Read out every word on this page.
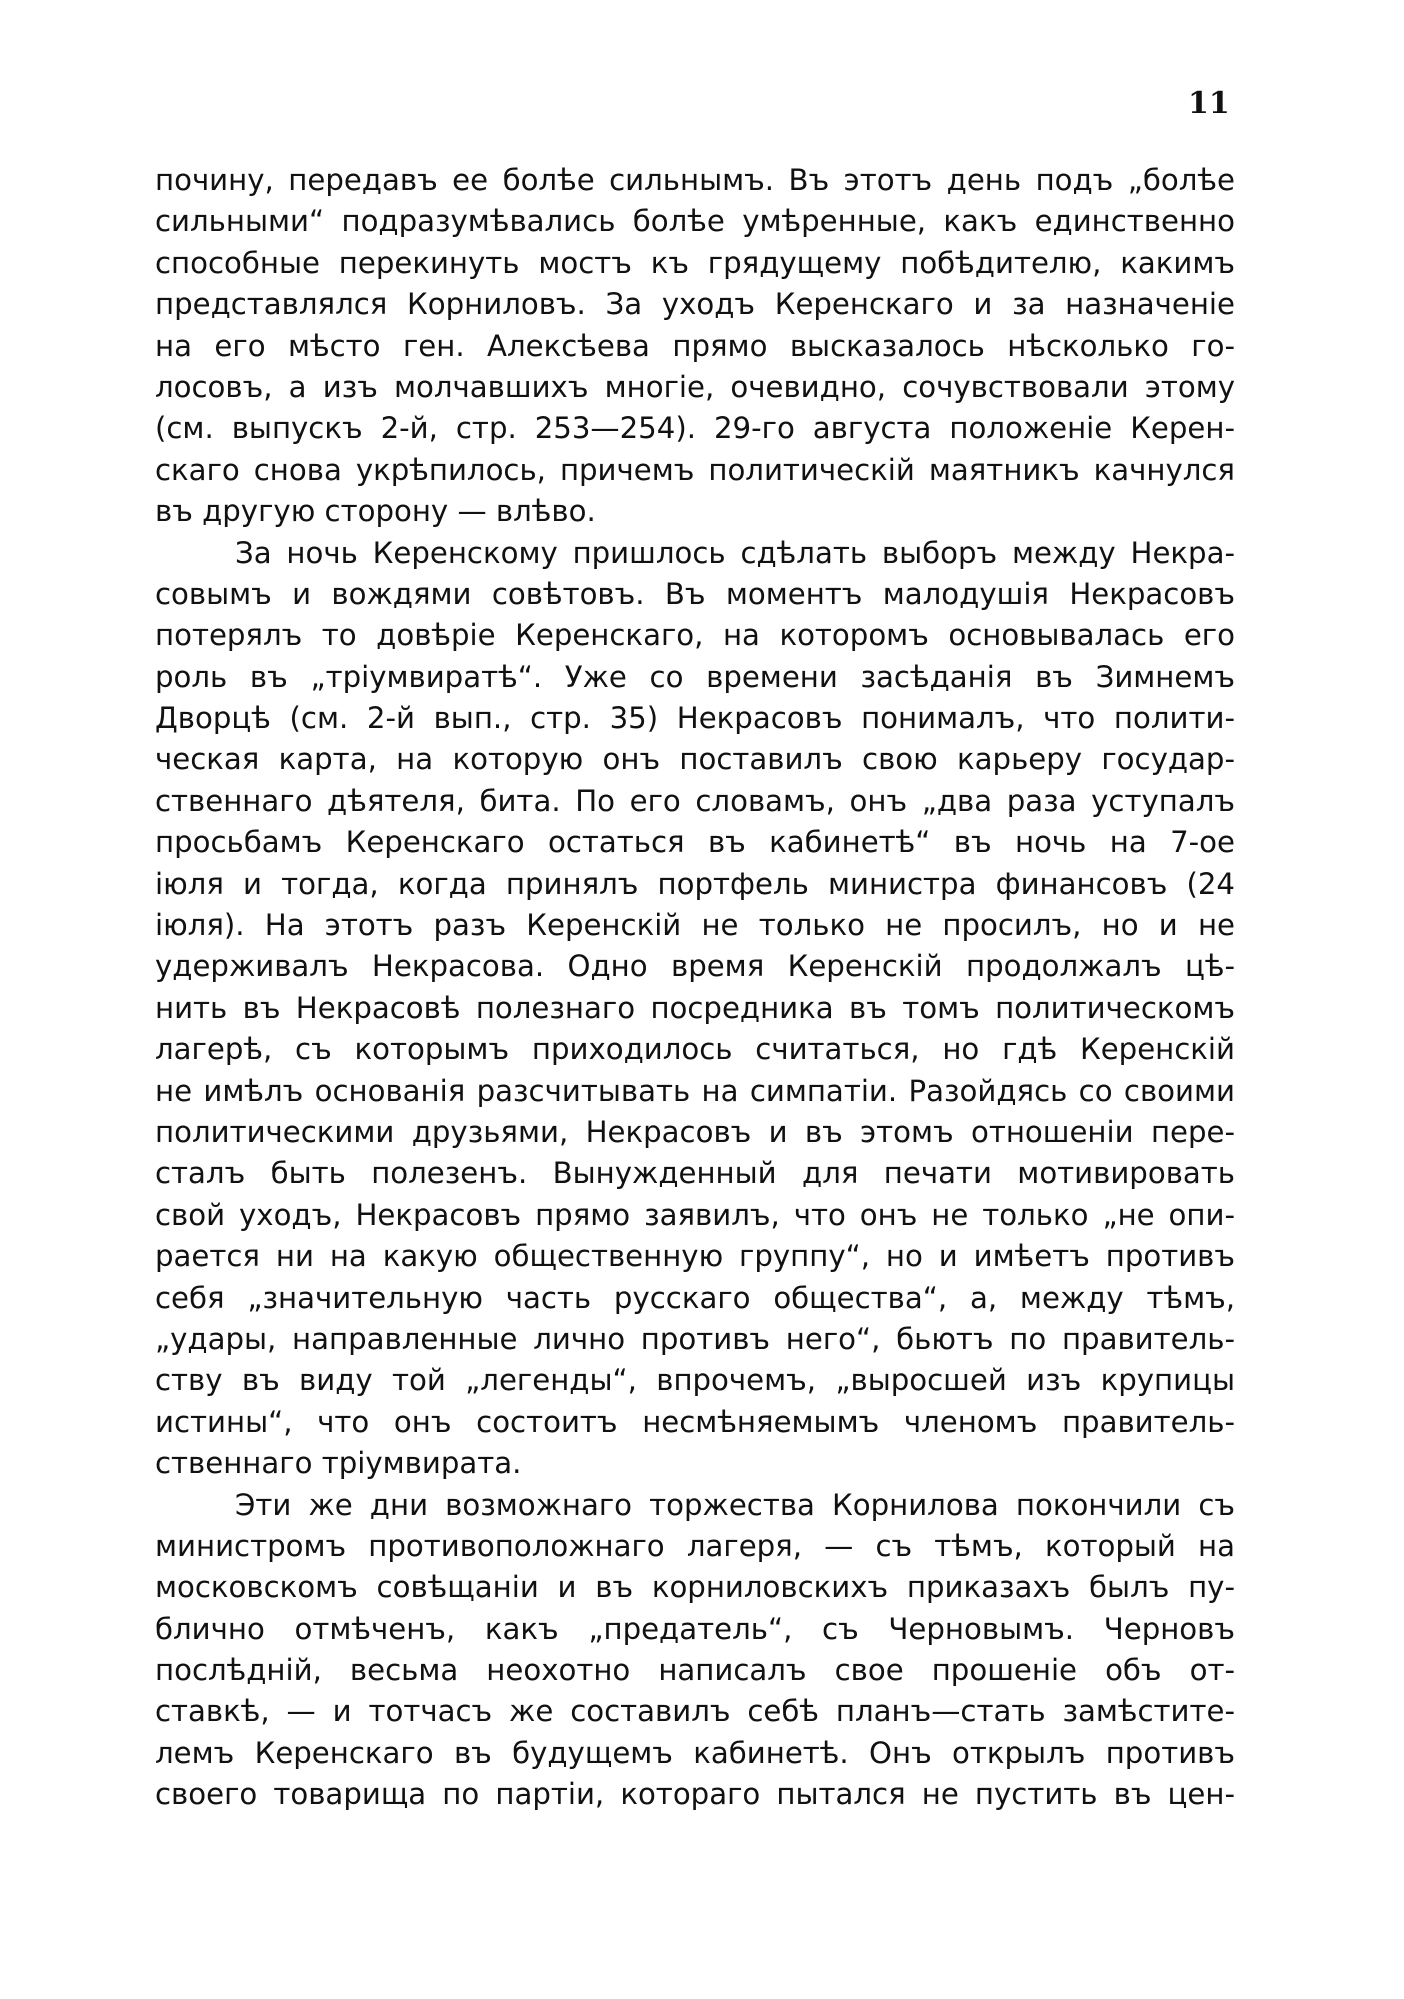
11
почину, передавъ ее болѣе сильнымъ. Въ этотъ день подъ „болѣе
сильными“ подразумѣвались болѣе умѣренные, какъ единственно
способные перекинуть мостъ къ грядущему побѣдителю, какимъ
представлялся Корниловъ. За уходъ Керенскаго и за назначеніе
на его мѣсто ген. Алексѣева прямо высказалось нѣсколько го-
лосовъ, а изъ молчавшихъ многіе, очевидно, сочувствовали этому
(см. выпускъ 2-й, стр. 253—254). 29-го августа положеніе Керен-
скаго снова укрѣпилось, причемъ политическій маятникъ качнулся
въ другую сторону — влѣво.
За ночь Керенскому пришлось сдѣлать выборъ между Некра-
совымъ и вождями совѣтовъ. Въ моментъ малодушія Некрасовъ
потерялъ то довѣріе Керенскаго, на которомъ основывалась его
роль въ „тріумвиратѣ“. Уже со времени засѣданія въ Зимнемъ
Дворцѣ (см. 2-й вып., стр. 35) Некрасовъ понималъ, что полити-
ческая карта, на которую онъ поставилъ свою карьеру государ-
ственнаго дѣятеля, бита. По его словамъ, онъ „два раза уступалъ
просьбамъ Керенскаго остаться въ кабинетѣ“ въ ночь на 7-ое
іюля и тогда, когда принялъ портфель министра финансовъ (24
іюля). На этотъ разъ Керенскій не только не просилъ, но и не
удерживалъ Некрасова. Одно время Керенскій продолжалъ цѣ-
нить въ Некрасовѣ полезнаго посредника въ томъ политическомъ
лагерѣ, съ которымъ приходилось считаться, но гдѣ Керенскій
не имѣлъ основанія разсчитывать на симпатіи. Разойдясь со своими
политическими друзьями, Некрасовъ и въ этомъ отношеніи пере-
сталъ быть полезенъ. Вынужденный для печати мотивировать
свой уходъ, Некрасовъ прямо заявилъ, что онъ не только „не опи-
рается ни на какую общественную группу“, но и имѣетъ противъ
себя „значительную часть русскаго общества“, а, между тѣмъ,
„удары, направленные лично противъ него“, бьютъ по правитель-
ству въ виду той „легенды“, впрочемъ, „выросшей изъ крупицы
истины“, что онъ состоитъ несмѣняемымъ членомъ правитель-
ственнаго тріумвирата.
Эти же дни возможнаго торжества Корнилова покончили съ
министромъ противоположнаго лагеря, — съ тѣмъ, который на
московскомъ совѣщаніи и въ корниловскихъ приказахъ былъ пу-
блично отмѣченъ, какъ „предатель“, съ Черновымъ. Черновъ
послѣдній, весьма неохотно написалъ свое прошеніе объ от-
ставкѣ, — и тотчасъ же составилъ себѣ планъ—стать замѣстите-
лемъ Керенскаго въ будущемъ кабинетѣ. Онъ открылъ противъ
своего товарища по партіи, котораго пытался не пустить въ цен-
